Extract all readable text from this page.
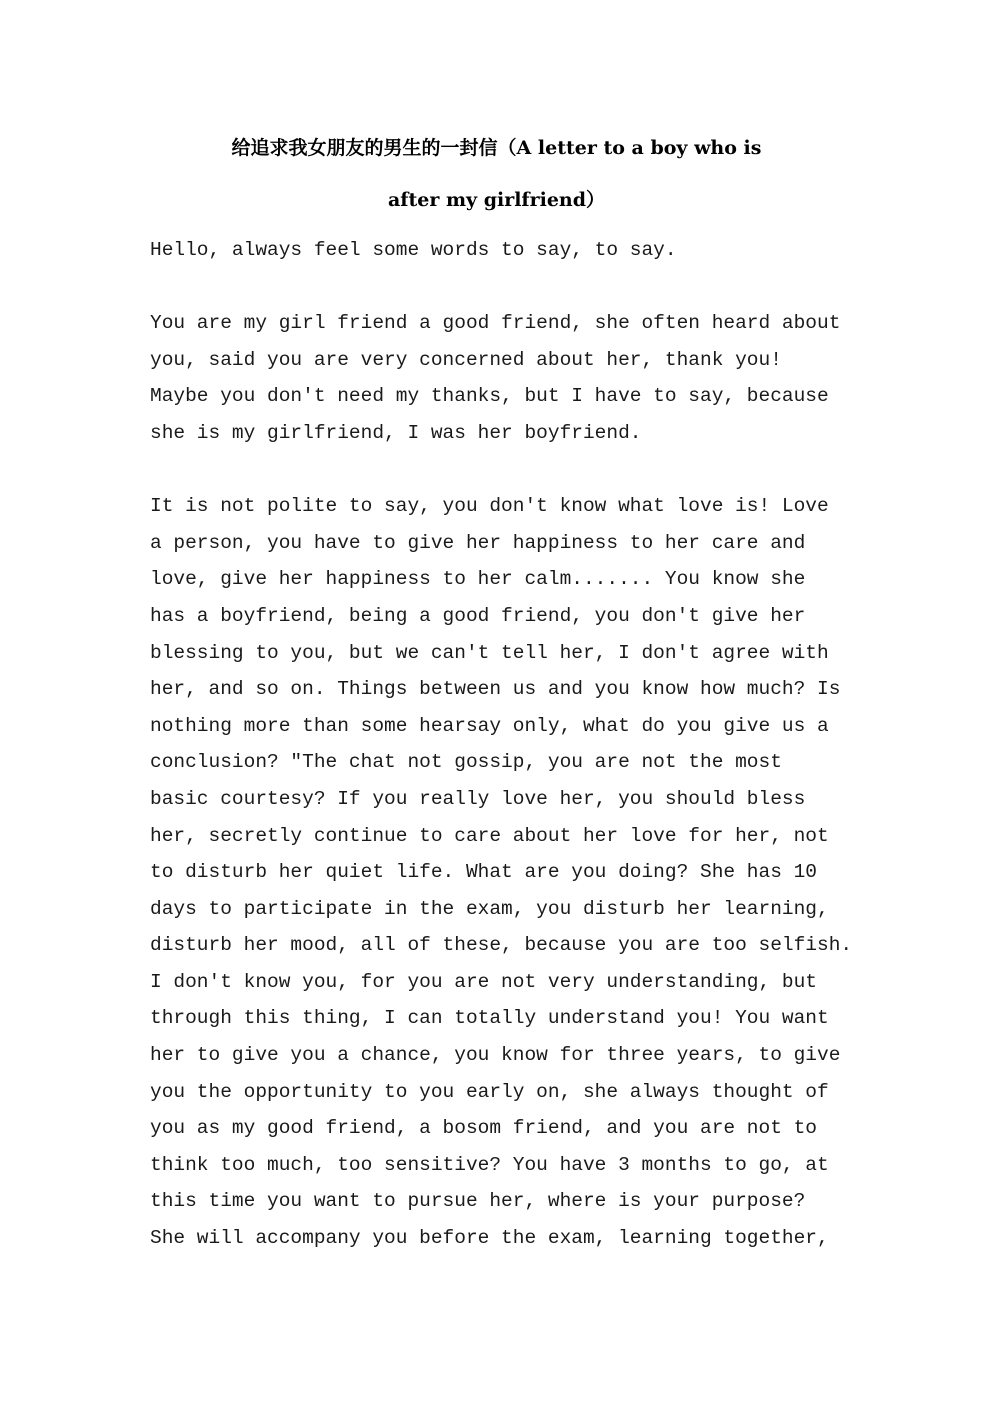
给追求我女朋友的男生的一封信（A letter to a boy who is
after my girlfriend）
Hello, always feel some words to say, to say.
You are my girl friend a good friend, she often heard about
you, said you are very concerned about her, thank you!
Maybe you don't need my thanks, but I have to say, because
she is my girlfriend, I was her boyfriend.
It is not polite to say, you don't know what love is! Love
a person, you have to give her happiness to her care and
love, give her happiness to her calm....... You know she
has a boyfriend, being a good friend, you don't give her
blessing to you, but we can't tell her, I don't agree with
her, and so on. Things between us and you know how much? Is
nothing more than some hearsay only, what do you give us a
conclusion? "The chat not gossip, you are not the most
basic courtesy? If you really love her, you should bless
her, secretly continue to care about her love for her, not
to disturb her quiet life. What are you doing? She has 10
days to participate in the exam, you disturb her learning,
disturb her mood, all of these, because you are too selfish.
I don't know you, for you are not very understanding, but
through this thing, I can totally understand you! You want
her to give you a chance, you know for three years, to give
you the opportunity to you early on, she always thought of
you as my good friend, a bosom friend, and you are not to
think too much, too sensitive? You have 3 months to go, at
this time you want to pursue her, where is your purpose?
She will accompany you before the exam, learning together,
